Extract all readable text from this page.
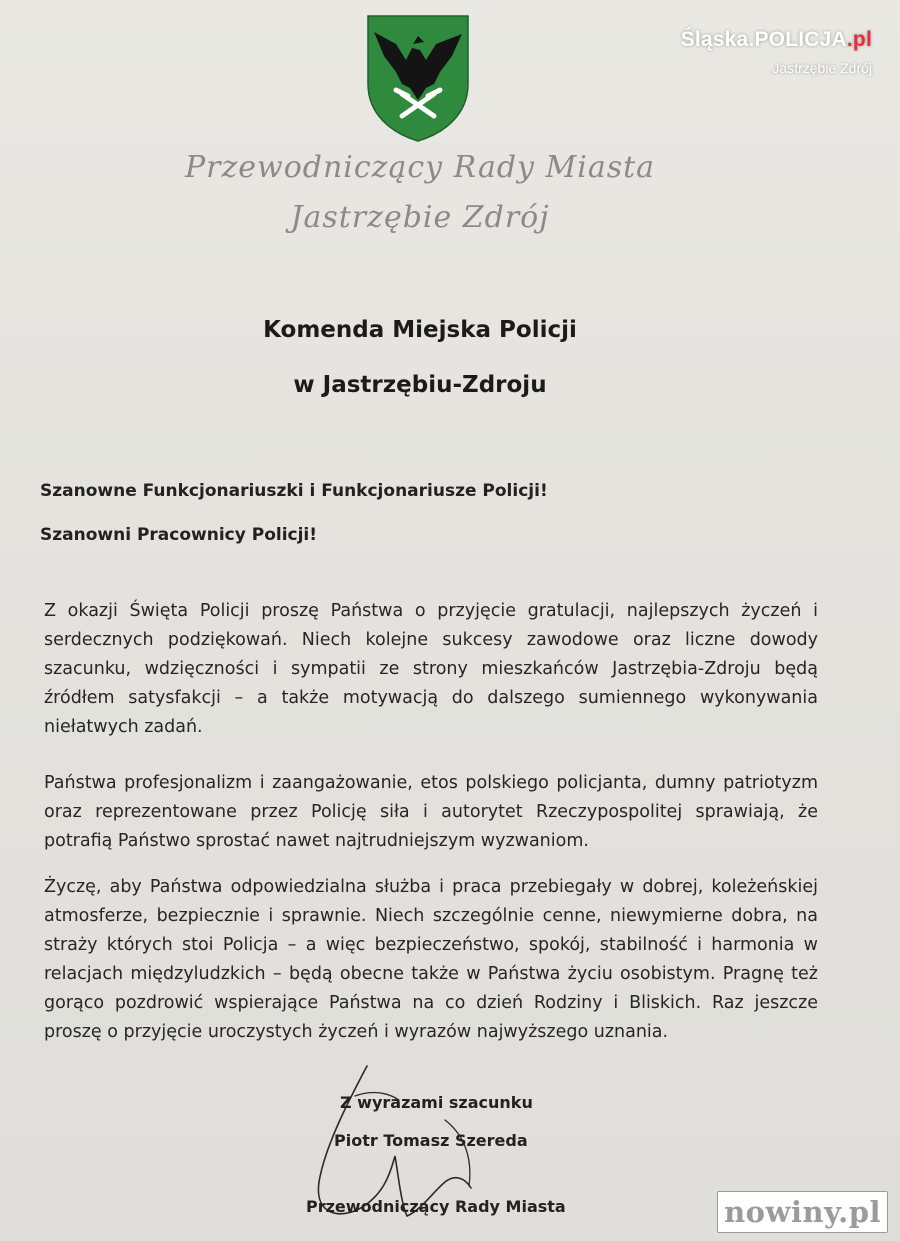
Śląska.POLICJA.pl
Jastrzębie Zdrój
Przewodniczący Rady Miasta
Jastrzębie Zdrój
Komenda Miejska Policji
w Jastrzębiu-Zdroju
Szanowne Funkcjonariuszki i Funkcjonariusze Policji!
Szanowni Pracownicy Policji!

Z okazji Święta Policji proszę Państwa o przyjęcie gratulacji, najlepszych życzeń i serdecznych podziękowań. Niech kolejne sukcesy zawodowe oraz liczne dowody szacunku, wdzięczności i sympatii ze strony mieszkańców Jastrzębia-Zdroju będą źródłem satysfakcji – a także motywacją do dalszego sumiennego wykonywania niełatwych zadań.

Państwa profesjonalizm i zaangażowanie, etos polskiego policjanta, dumny patriotyzm oraz reprezentowane przez Policję siła i autorytet Rzeczypospolitej sprawiają, że potrafią Państwo sprostać nawet najtrudniejszym wyzwaniom.

Życzę, aby Państwa odpowiedzialna służba i praca przebiegały w dobrej, koleżeńskiej atmosferze, bezpiecznie i sprawnie. Niech szczególnie cenne, niewymierne dobra, na straży których stoi Policja – a więc bezpieczeństwo, spokój, stabilność i harmonia w relacjach międzyludzkich – będą obecne także w Państwa życiu osobistym. Pragnę też gorąco pozdrowić wspierające Państwa na co dzień Rodziny i Bliskich. Raz jeszcze proszę o przyjęcie uroczystych życzeń i wyrazów najwyższego uznania.

Z wyrazami szacunku
Piotr Tomasz Szereda
Przewodniczący Rady Miasta	nowiny.pl
